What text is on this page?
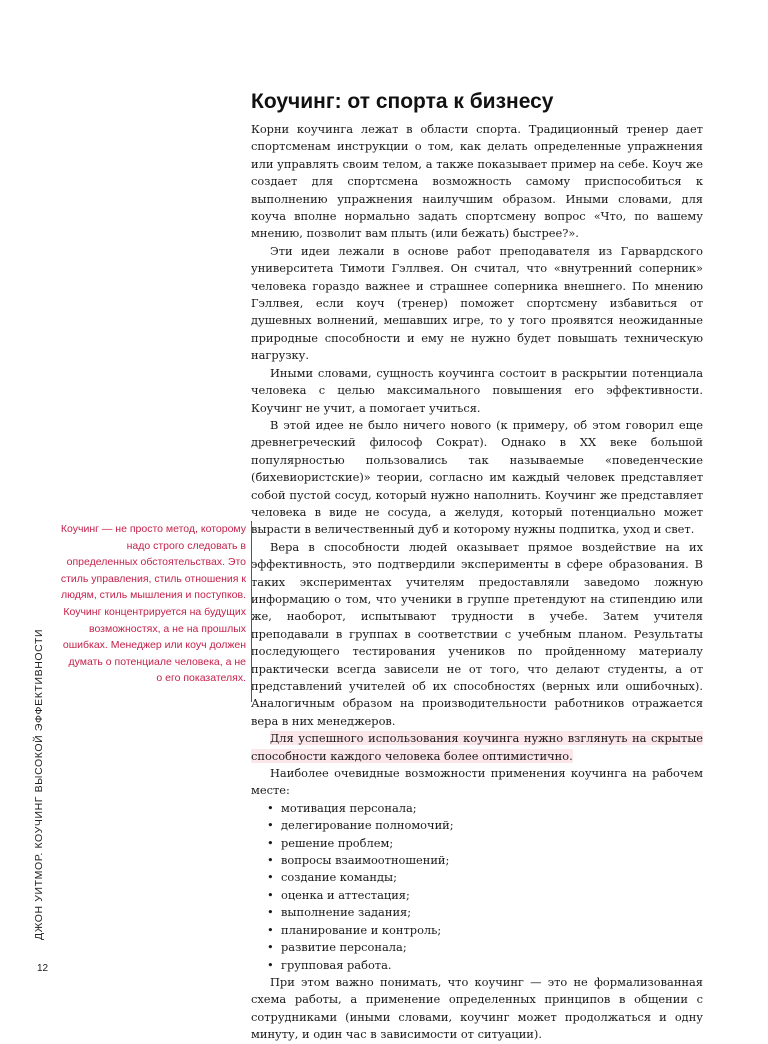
Коучинг: от спорта к бизнесу

Корни коучинга лежат в области спорта. Традиционный тренер дает спортсменам инструкции о том, как делать определенные упражнения или управлять своим телом, а также показывает пример на себе. Коуч же создает для спортсмена возможность самому приспособиться к выполнению упражнения наилучшим образом. Иными словами, для коуча вполне нормально задать спортсмену вопрос «Что, по вашему мнению, позволит вам плыть (или бежать) быстрее?».

Эти идеи лежали в основе работ преподавателя из Гарвардского университета Тимоти Гэллвея. Он считал, что «внутренний соперник» человека гораздо важнее и страшнее соперника внешнего. По мнению Гэллвея, если коуч (тренер) поможет спортсмену избавиться от душевных волнений, мешавших игре, то у того проявятся неожиданные природные способности и ему не нужно будет повышать техническую нагрузку.

Иными словами, сущность коучинга состоит в раскрытии потенциала человека с целью максимального повышения его эффективности. Коучинг не учит, а помогает учиться.

В этой идее не было ничего нового (к примеру, об этом говорил еще древнегреческий философ Сократ). Однако в XX веке большой популярностью пользовались так называемые «поведенческие (бихевиористские)» теории, согласно им каждый человек представляет собой пустой сосуд, который нужно наполнить. Коучинг же представляет человека в виде не сосуда, а желудя, который потенциально может вырасти в величественный дуб и которому нужны подпитка, уход и свет.

Вера в способности людей оказывает прямое воздействие на их эффективность, это подтвердили эксперименты в сфере образования. В таких экспериментах учителям предоставляли заведомо ложную информацию о том, что ученики в группе претендуют на стипендию или же, наоборот, испытывают трудности в учебе. Затем учителя преподавали в группах в соответствии с учебным планом. Результаты последующего тестирования учеников по пройденному материалу практически всегда зависели не от того, что делают студенты, а от представлений учителей об их способностях (верных или ошибочных). Аналогичным образом на производительности работников отражается вера в них менеджеров.

Для успешного использования коучинга нужно взглянуть на скрытые способности каждого человека более оптимистично.

Наиболее очевидные возможности применения коучинга на рабочем месте:

• мотивация персонала;
• делегирование полномочий;
• решение проблем;
• вопросы взаимоотношений;
• создание команды;
• оценка и аттестация;
• выполнение задания;
• планирование и контроль;
• развитие персонала;
• групповая работа.

При этом важно понимать, что коучинг — это не формализованная схема работы, а применение определенных принципов в общении с сотрудниками (иными словами, коучинг может продолжаться и одну минуту, и один час в зависимости от ситуации).

Коучинг — не просто метод, которому надо строго следовать в определенных обстоятельствах. Это стиль управления, стиль отношения к людям, стиль мышления и поступков. Коучинг концентрируется на будущих возможностях, а не на прошлых ошибках. Менеджер или коуч должен думать о потенциале человека, а не о его показателях.
ДЖОН УИТМОР. КОУЧИНГ ВЫСОКОЙ ЭФФЕКТИВНОСТИ
12
